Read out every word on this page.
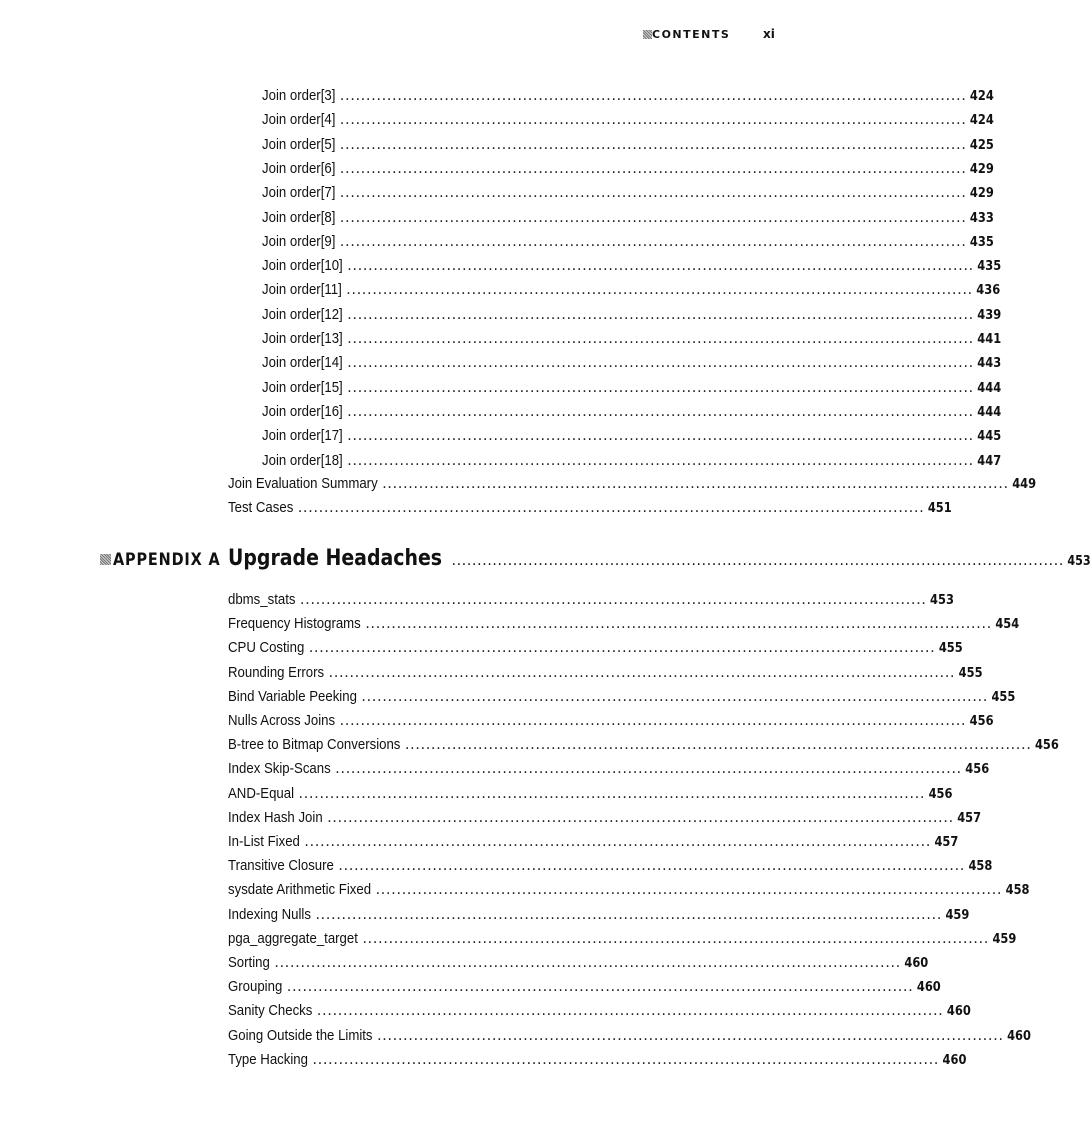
CONTENTS	xi
Join order[3] ........................................................................................................................ 424
Join order[4] ........................................................................................................................ 424
Join order[5] ........................................................................................................................ 425
Join order[6] ........................................................................................................................ 429
Join order[7] ........................................................................................................................ 429
Join order[8] ........................................................................................................................ 433
Join order[9] ........................................................................................................................ 435
Join order[10] ........................................................................................................................ 435
Join order[11] ........................................................................................................................ 436
Join order[12] ........................................................................................................................ 439
Join order[13] ........................................................................................................................ 441
Join order[14] ........................................................................................................................ 443
Join order[15] ........................................................................................................................ 444
Join order[16] ........................................................................................................................ 444
Join order[17] ........................................................................................................................ 445
Join order[18] ........................................................................................................................ 447
Join Evaluation Summary ........................................................................................................................ 449
Test Cases ........................................................................................................................ 451
APPENDIX A Upgrade Headaches ........................................................................................................................ 453
dbms_stats ........................................................................................................................ 453
Frequency Histograms ........................................................................................................................ 454
CPU Costing ........................................................................................................................ 455
Rounding Errors ........................................................................................................................ 455
Bind Variable Peeking ........................................................................................................................ 455
Nulls Across Joins ........................................................................................................................ 456
B-tree to Bitmap Conversions ........................................................................................................................ 456
Index Skip-Scans ........................................................................................................................ 456
AND-Equal ........................................................................................................................ 456
Index Hash Join ........................................................................................................................ 457
In-List Fixed ........................................................................................................................ 457
Transitive Closure ........................................................................................................................ 458
sysdate Arithmetic Fixed ........................................................................................................................ 458
Indexing Nulls ........................................................................................................................ 459
pga_aggregate_target ........................................................................................................................ 459
Sorting ........................................................................................................................ 460
Grouping ........................................................................................................................ 460
Sanity Checks ........................................................................................................................ 460
Going Outside the Limits ........................................................................................................................ 460
Type Hacking ........................................................................................................................ 460
